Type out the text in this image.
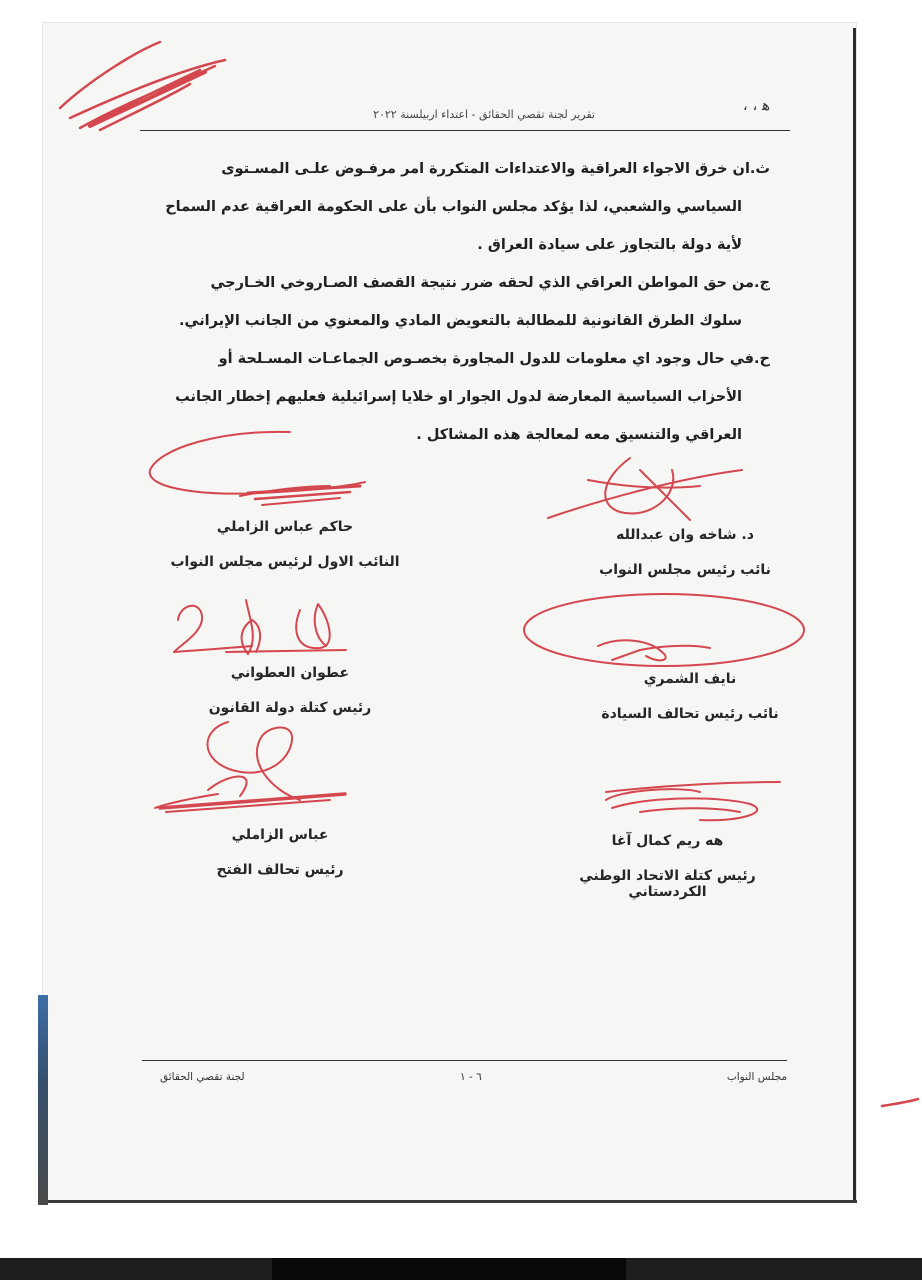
تقرير لجنة تقصي الحقائق - اعتداء اربيلسنة ٢٠٢٢
ﻫ ، ،

ث.ان خرق الاجواء العراقية والاعتداءات المتكررة امر مرفـوض علـى المسـتوى

السياسي والشعبي، لذا يؤكد مجلس النواب بأن على الحكومة العراقية عدم السماح

لأية دولة بالتجاوز على سيادة العراق .

ج.من حق المواطن العراقي الذي لحقه ضرر نتيجة القصف الصـاروخي الخـارجي

سلوك الطرق القانونية للمطالبة بالتعويض المادي والمعنوي من الجانب الإيراني.

ح.في حال وجود اي معلومات للدول المجاورة بخصـوص الجماعـات المسـلحة أو

الأحزاب السياسية المعارضة لدول الجوار او خلايا إسرائيلية فعليهم إخطار الجانب

العراقي والتنسيق معه لمعالجة هذه المشاكل .

حاكم عباس الزاملي
النائب الاول لرئيس مجلس النواب
د. شاخه وان عبدالله
نائب رئيس مجلس النواب
عطوان العطواني
رئيس كتلة دولة القانون
نايف الشمري
نائب رئيس تحالف السيادة
عباس الزاملي
رئيس تحالف الفتح
هه ريم كمال آغا
رئيس كتلة الاتحاد الوطني الكردستاني
لجنة تقصي الحقائق	٦ - ١	مجلس النواب
